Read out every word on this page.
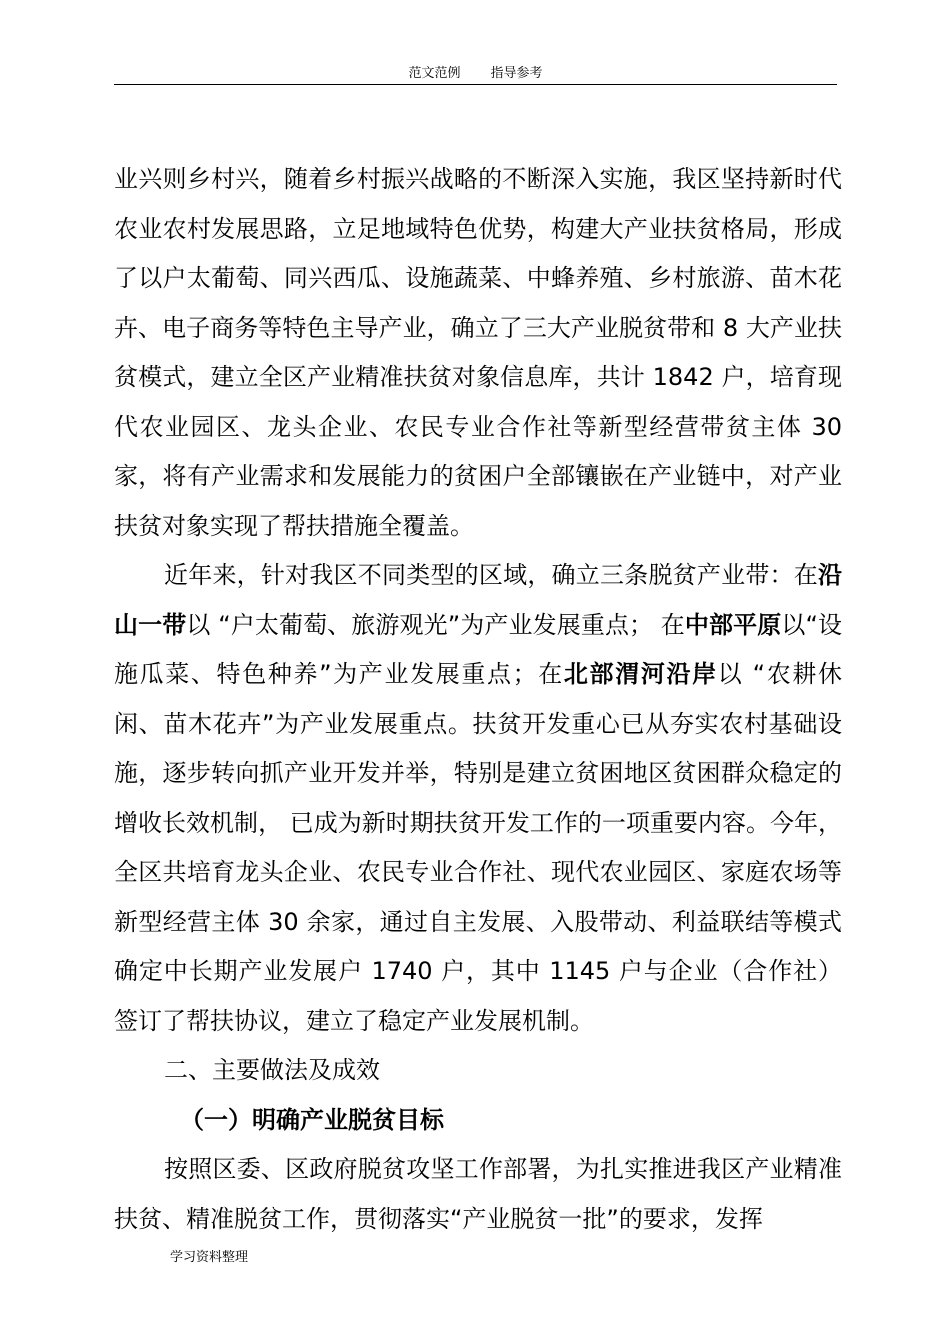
范文范例 指导参考

业兴则乡村兴，随着乡村振兴战略的不断深入实施，我区坚持新时代农业农村发展思路，立足地域特色优势，构建大产业扶贫格局，形成了以户太葡萄、同兴西瓜、设施蔬菜、中蜂养殖、乡村旅游、苗木花卉、电子商务等特色主导产业，确立了三大产业脱贫带和 8 大产业扶贫模式，建立全区产业精准扶贫对象信息库，共计 1842 户，培育现代农业园区、龙头企业、农民专业合作社等新型经营带贫主体 30 家，将有产业需求和发展能力的贫困户全部镶嵌在产业链中，对产业扶贫对象实现了帮扶措施全覆盖。

近年来，针对我区不同类型的区域，确立三条脱贫产业带：在沿山一带以 “户太葡萄、旅游观光”为产业发展重点； 在中部平原以“设施瓜菜、特色种养”为产业发展重点；在北部渭河沿岸以 “农耕休闲、苗木花卉”为产业发展重点。扶贫开发重心已从夯实农村基础设施，逐步转向抓产业开发并举，特别是建立贫困地区贫困群众稳定的增收长效机制， 已成为新时期扶贫开发工作的一项重要内容。今年，全区共培育龙头企业、农民专业合作社、现代农业园区、家庭农场等新型经营主体 30 余家，通过自主发展、入股带动、利益联结等模式确定中长期产业发展户 1740 户，其中 1145 户与企业（合作社）签订了帮扶协议，建立了稳定产业发展机制。

二、主要做法及成效

（一）明确产业脱贫目标

按照区委、区政府脱贫攻坚工作部署，为扎实推进我区产业精准扶贫、精准脱贫工作，贯彻落实“产业脱贫一批”的要求，发挥

学习资料整理
